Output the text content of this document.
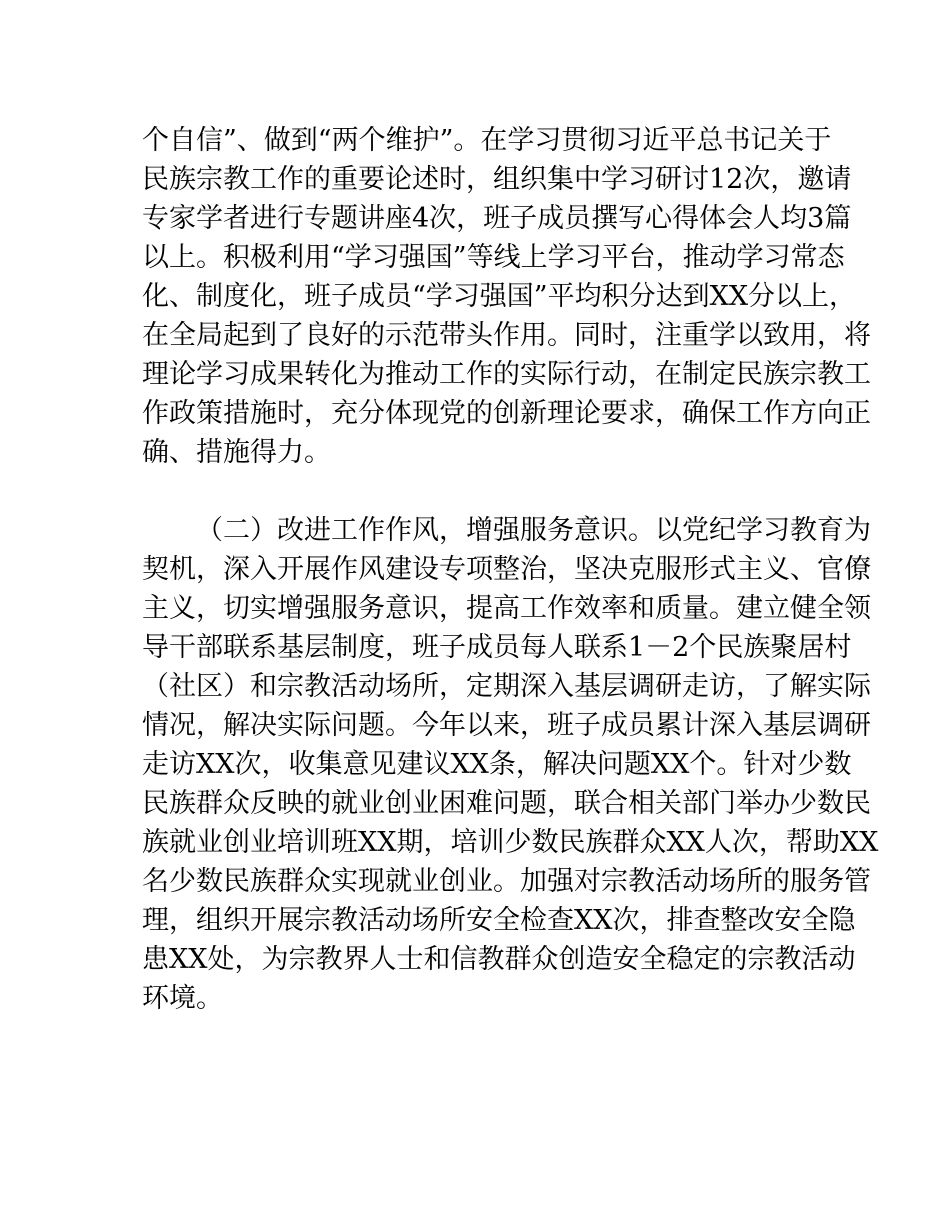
个自信”、做到“两个维护”。在学习贯彻习近平总书记关于
民族宗教工作的重要论述时，组织集中学习研讨12次，邀请
专家学者进行专题讲座4次，班子成员撰写心得体会人均3篇
以上。积极利用“学习强国”等线上学习平台，推动学习常态
化、制度化，班子成员“学习强国”平均积分达到XX分以上，
在全局起到了良好的示范带头作用。同时，注重学以致用，将
理论学习成果转化为推动工作的实际行动，在制定民族宗教工
作政策措施时，充分体现党的创新理论要求，确保工作方向正
确、措施得力。
（二）改进工作作风，增强服务意识。以党纪学习教育为
契机，深入开展作风建设专项整治，坚决克服形式主义、官僚
主义，切实增强服务意识，提高工作效率和质量。建立健全领
导干部联系基层制度，班子成员每人联系1－2个民族聚居村
（社区）和宗教活动场所，定期深入基层调研走访，了解实际
情况，解决实际问题。今年以来，班子成员累计深入基层调研
走访XX次，收集意见建议XX条，解决问题XX个。针对少数
民族群众反映的就业创业困难问题，联合相关部门举办少数民
族就业创业培训班XX期，培训少数民族群众XX人次，帮助XX
名少数民族群众实现就业创业。加强对宗教活动场所的服务管
理，组织开展宗教活动场所安全检查XX次，排查整改安全隐
患XX处，为宗教界人士和信教群众创造安全稳定的宗教活动
环境。
